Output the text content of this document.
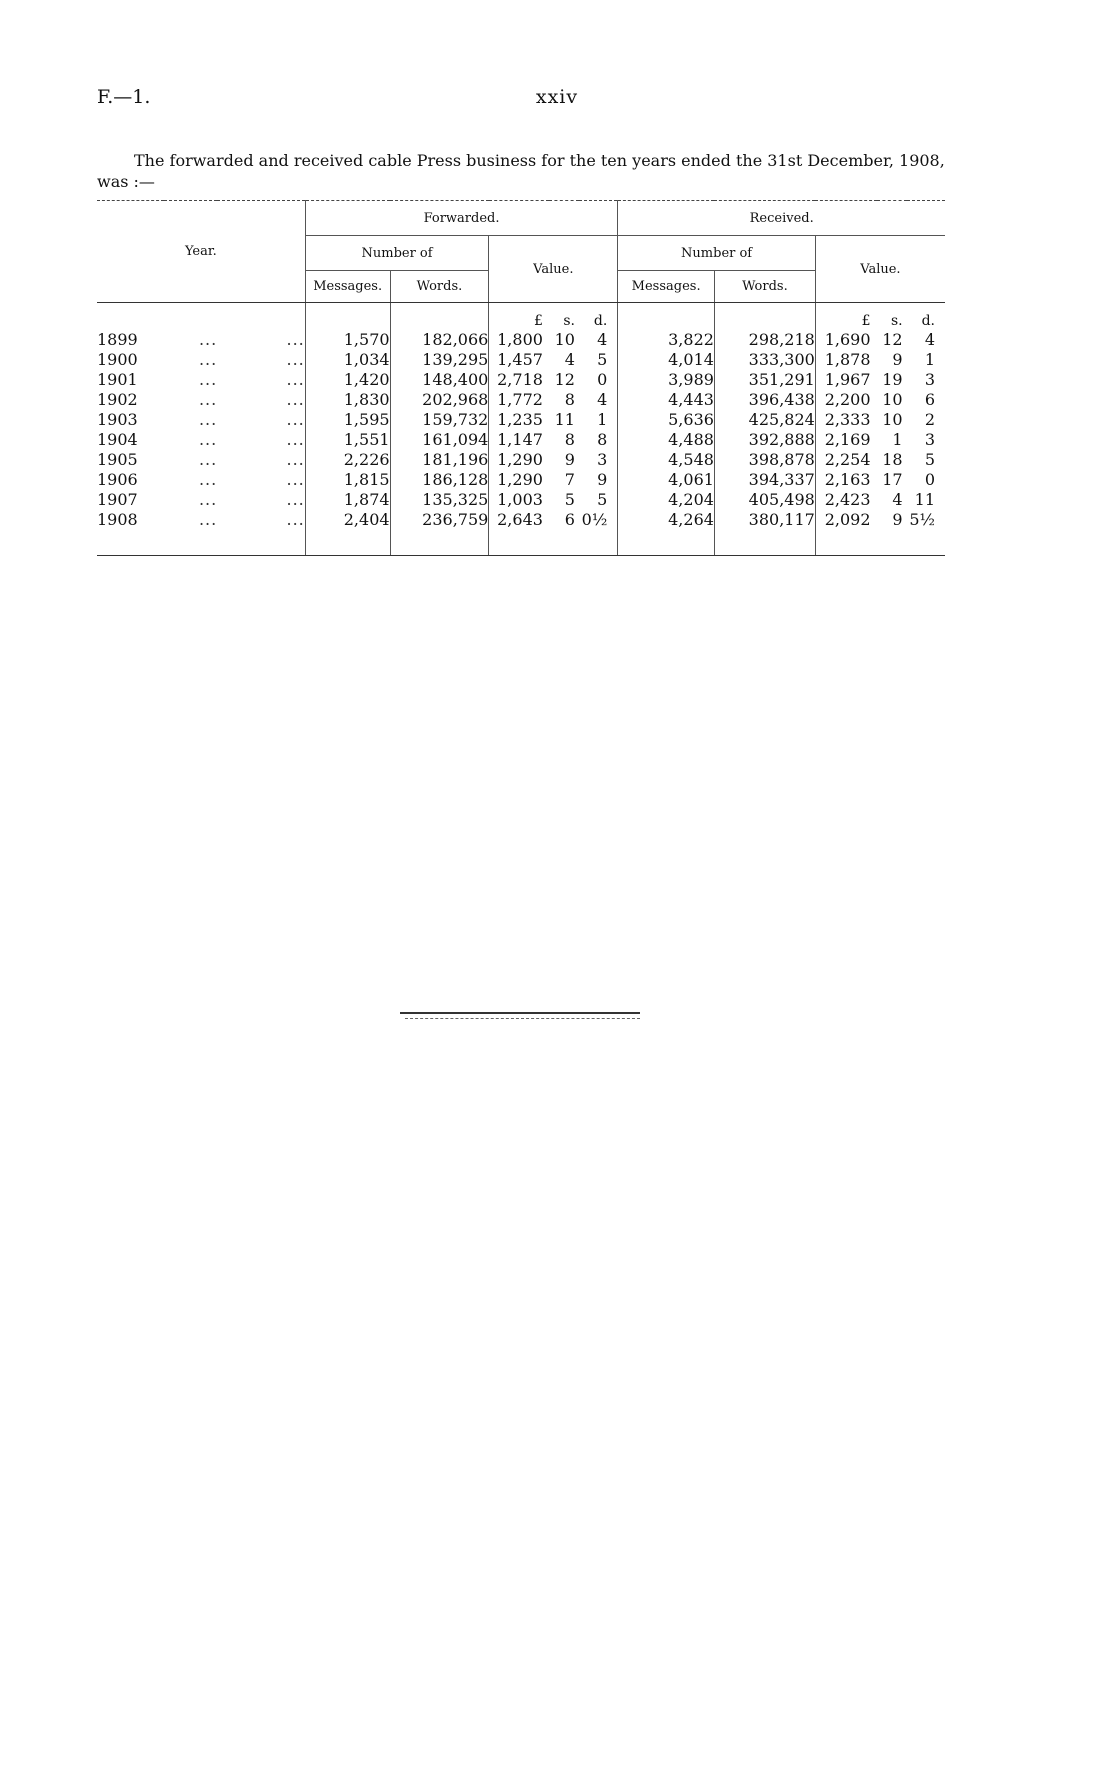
F.—1.	xxiv
The forwarded and received cable Press business for the ten years ended the 31st December, 1908,
was :—
Year.			Forwarded.					Received.				
			Number of		Value.			Number of		Value.		
			Messages.	Words.				Messages.	Words.			
					£	s.	d.			£	s.	d.
1899	...	...	1,570	182,066	1,800	10	4	3,822	298,218	1,690	12	4
1900	...	...	1,034	139,295	1,457	4	5	4,014	333,300	1,878	9	1
1901	...	...	1,420	148,400	2,718	12	0	3,989	351,291	1,967	19	3
1902	...	...	1,830	202,968	1,772	8	4	4,443	396,438	2,200	10	6
1903	...	...	1,595	159,732	1,235	11	1	5,636	425,824	2,333	10	2
1904	...	...	1,551	161,094	1,147	8	8	4,488	392,888	2,169	1	3
1905	...	...	2,226	181,196	1,290	9	3	4,548	398,878	2,254	18	5
1906	...	...	1,815	186,128	1,290	7	9	4,061	394,337	2,163	17	0
1907	...	...	1,874	135,325	1,003	5	5	4,204	405,498	2,423	4	11
1908	...	...	2,404	236,759	2,643	6	0½	4,264	380,117	2,092	9	5½
